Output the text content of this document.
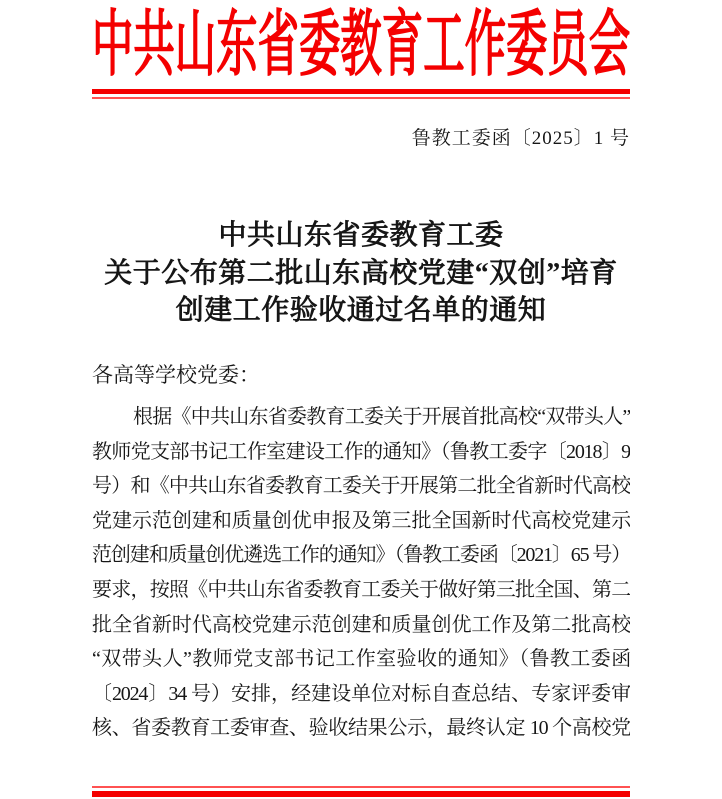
中共山东省委教育工作委员会
鲁教工委函〔2025〕1 号
中共山东省委教育工委
关于公布第二批山东高校党建“双创”培育
创建工作验收通过名单的通知
各高等学校党委：
根据《中共山东省委教育工委关于开展首批高校“双带头人”
教师党支部书记工作室建设工作的通知》（鲁教工委字〔2018〕9
号）和《中共山东省委教育工委关于开展第二批全省新时代高校
党建示范创建和质量创优申报及第三批全国新时代高校党建示
范创建和质量创优遴选工作的通知》（鲁教工委函〔2021〕65 号）
要求，按照《中共山东省委教育工委关于做好第三批全国、第二
批全省新时代高校党建示范创建和质量创优工作及第二批高校
“双带头人”教师党支部书记工作室验收的通知》（鲁教工委函
〔2024〕34 号）安排，经建设单位对标自查总结、专家评委审
核、省委教育工委审查、验收结果公示，最终认定 10 个高校党
